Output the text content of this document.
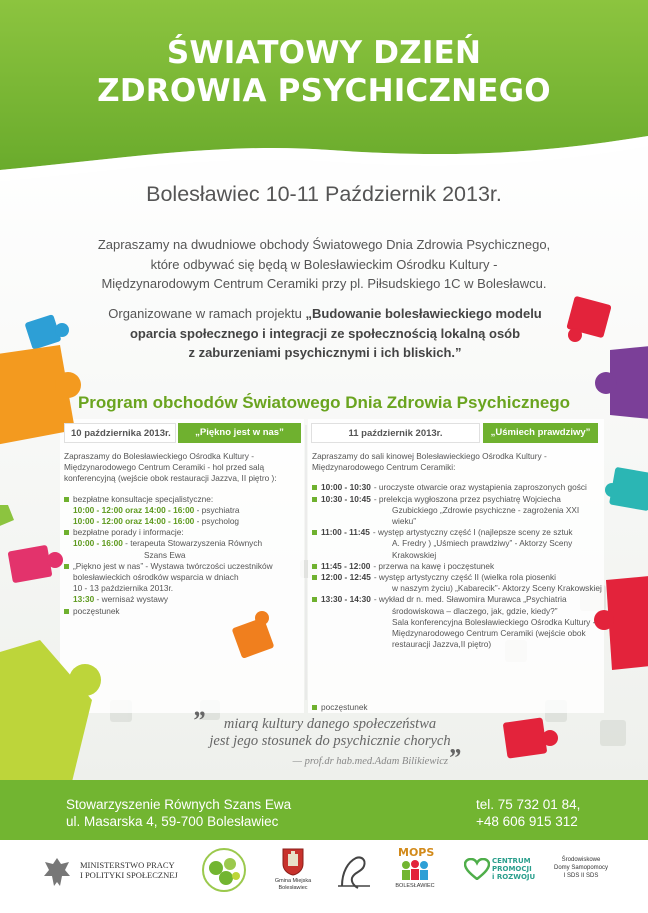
ŚWIATOWY DZIEŃ
ZDROWIA PSYCHICZNEGO
Bolesławiec 10-11 Październik 2013r.
Zapraszamy na dwudniowe obchody Światowego Dnia Zdrowia Psychicznego,
które odbywać się będą w Bolesławieckim Ośrodku Kultury -
Międzynarodowym Centrum Ceramiki przy pl. Piłsudskiego 1C w Bolesławcu.
Organizowane w ramach projektu „Budowanie bolesławieckiego modelu
oparcia społecznego i integracji ze społecznością lokalną osób
z zaburzeniami psychicznymi i ich bliskich.”
Program obchodów Światowego Dnia Zdrowia Psychicznego
10 października 2013r.	„Piękno jest w nas”	11 październik 2013r.	„Uśmiech prawdziwy”

Zapraszamy do Bolesławieckiego Ośrodka Kultury -

Międzynarodowego Centrum Ceramiki - hol przed salą

konferencyjną (wejście obok restauracji Jazzva, II piętro ):

bezpłatne konsultacje specjalistyczne:

10:00 - 12:00 oraz 14:00 - 16:00 - psychiatra

10:00 - 12:00 oraz 14:00 - 16:00 - psycholog

bezpłatne porady i informacje:

10:00 - 16:00 - terapeuta Stowarzyszenia Równych

Szans Ewa

„Piękno jest w nas” - Wystawa twórczości uczestników

bolesławieckich ośrodków wsparcia w dniach

10 - 13 października 2013r.

13:30 - wernisaż wystawy

poczęstunek

Zapraszamy do sali kinowej Bolesławieckiego Ośrodka Kultury -

Międzynarodowego Centrum Ceramiki:

10:00 - 10:30 - uroczyste otwarcie oraz wystąpienia zaproszonych gości
10:30 - 10:45 - prelekcja wygłoszona przez psychiatrę Wojciecha
Gzubickiego „Zdrowie psychiczne - zagrożenia XXI wieku”
11:00 - 11:45 - występ artystyczny część I (najlepsze sceny ze sztuk
A. Fredry ) „Uśmiech prawdziwy” - Aktorzy Sceny
Krakowskiej
11:45 - 12:00 - przerwa na kawę i poczęstunek
12:00 - 12:45 - występ artystyczny część II (wielka rola piosenki
w naszym życiu) „Kabarecik”- Aktorzy Sceny Krakowskiej
13:30 - 14:30 - wykład dr n. med. Sławomira Murawca „Psychiatria
środowiskowa – dlaczego, jak, gdzie, kiedy?”
Sala konferencyjna Bolesławieckiego Ośrodka Kultury -
Międzynarodowego Centrum Ceramiki (wejście obok
restauracji Jazzva,II piętro)

poczęstunek

”	miarą kultury danego społeczeństwa
jest jego stosunek do psychicznie chorych „
— prof.dr hab.med.Adam Bilikiewicz
Stowarzyszenie Równych Szans Ewa
ul. Masarska 4, 59-700 Bolesławiec
tel. 75 732 01 84,
+48 606 915 312
MINISTERSTWO PRACY
I POLITYKI SPOŁECZNEJ
Gmina Miejska
Bolesławiec
MOPS
BOLESŁAWIEC
CENTRUM
PROMOCJI
i ROZWOJU
Środowiskowe
Domy Samopomocy
I SDS II SDS
